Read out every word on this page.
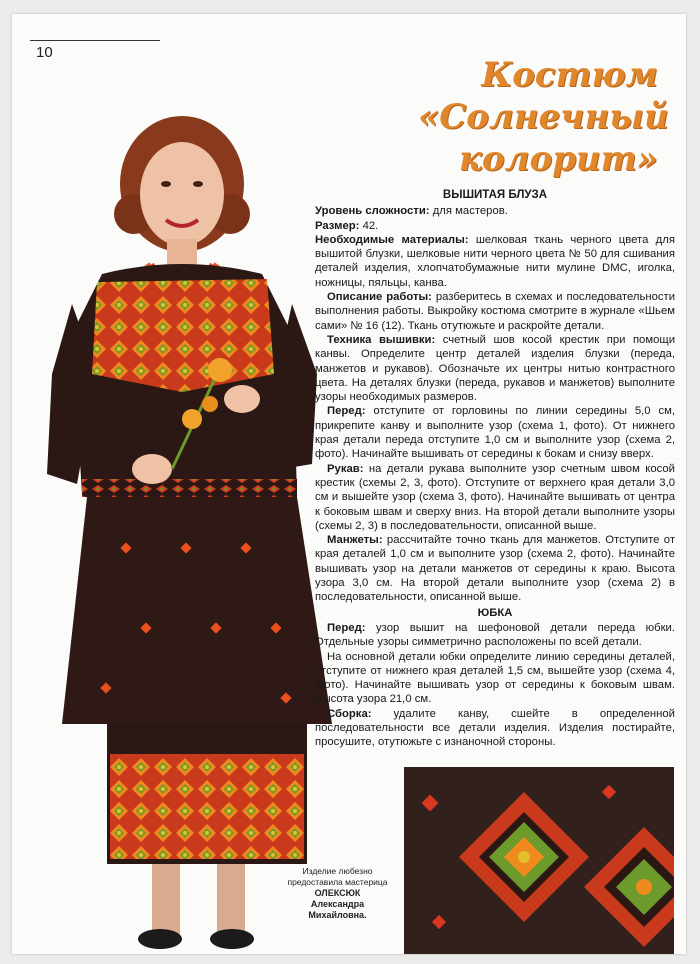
10
Костюм
«Солнечный
колорит»
Изделие любезно
предоставила мастерица
ОЛЕКСЮК
Александра
Михайловна.

ВЫШИТАЯ БЛУЗА

Уровень сложности: для мастеров.

Размер: 42.

Необходимые материалы: шелковая ткань черного цвета для вышитой блузки, шелковые нити черного цвета № 50 для сшивания деталей изделия, хлопчатобумажные нити мулине DMC, иголка, ножницы, пяльцы, канва.

Описание работы: разберитесь в схемах и последовательности выполнения работы. Выкройку костюма смотрите в журнале «Шьем сами» № 16 (12). Ткань отутюжьте и раскройте детали.

Техника вышивки: счетный шов косой крестик при помощи канвы. Определите центр деталей изделия блузки (переда, манжетов и рукавов). Обозначьте их центры нитью контрастного цвета. На деталях блузки (переда, рукавов и манжетов) выполните узоры необходимых размеров.

Перед: отступите от горловины по линии середины 5,0 см, прикрепите канву и выполните узор (схема 1, фото). От нижнего края детали переда отступите 1,0 см и выполните узор (схема 2, фото). Начинайте вышивать от середины к бокам и снизу вверх.

Рукав: на детали рукава выполните узор счетным швом косой крестик (схемы 2, 3, фото). Отступите от верхнего края детали 3,0 см и вышейте узор (схема 3, фото). Начинайте вышивать от центра к боковым швам и сверху вниз. На второй детали выполните узоры (схемы 2, 3) в последовательности, описанной выше.

Манжеты: рассчитайте точно ткань для манжетов. Отступите от края деталей 1,0 см и выполните узор (схема 2, фото). Начинайте вышивать узор на детали манжетов от середины к краю. Высота узора 3,0 см. На второй детали выполните узор (схема 2) в последовательности, описанной выше.

ЮБКА

Перед: узор вышит на шефоновой детали переда юбки. Отдельные узоры симметрично расположены по всей детали.

На основной детали юбки определите линию середины деталей, отступите от нижнего края деталей 1,5 см, вышейте узор (схема 4, фото). Начинайте вышивать узор от середины к боковым швам. Высота узора 21,0 см.

Сборка: удалите канву, сшейте в определенной последовательности все детали изделия. Изделия постирайте, просушите, отутюжьте с изнаночной стороны.
